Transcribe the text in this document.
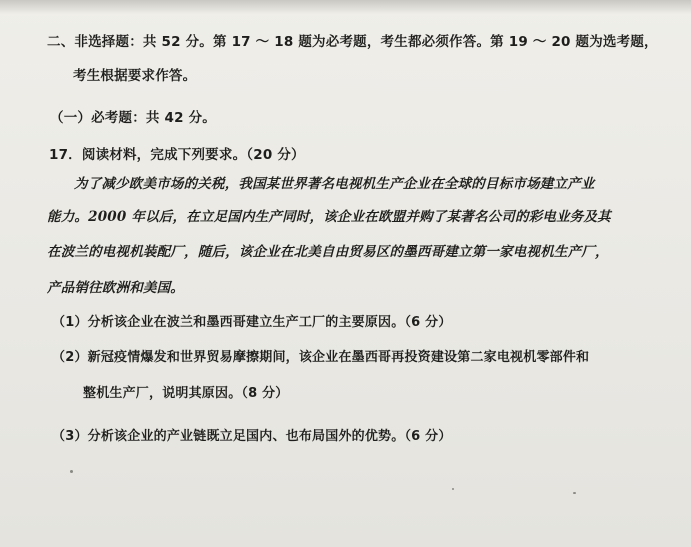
二、非选择题：共 52 分。第 17 ～ 18 题为必考题，考生都必须作答。第 19 ～ 20 题为选考题，
考生根据要求作答。
（一）必考题：共 42 分。
17．阅读材料，完成下列要求。（20 分）
为了减少欧美市场的关税，我国某世界著名电视机生产企业在全球的目标市场建立产业
能力。2000 年以后，在立足国内生产同时，该企业在欧盟并购了某著名公司的彩电业务及其
在波兰的电视机装配厂，随后，该企业在北美自由贸易区的墨西哥建立第一家电视机生产厂，
产品销往欧洲和美国。
（1）分析该企业在波兰和墨西哥建立生产工厂的主要原因。（6 分）
（2）新冠疫情爆发和世界贸易摩擦期间，该企业在墨西哥再投资建设第二家电视机零部件和
整机生产厂，说明其原因。（8 分）
（3）分析该企业的产业链既立足国内、也布局国外的优势。（6 分）
